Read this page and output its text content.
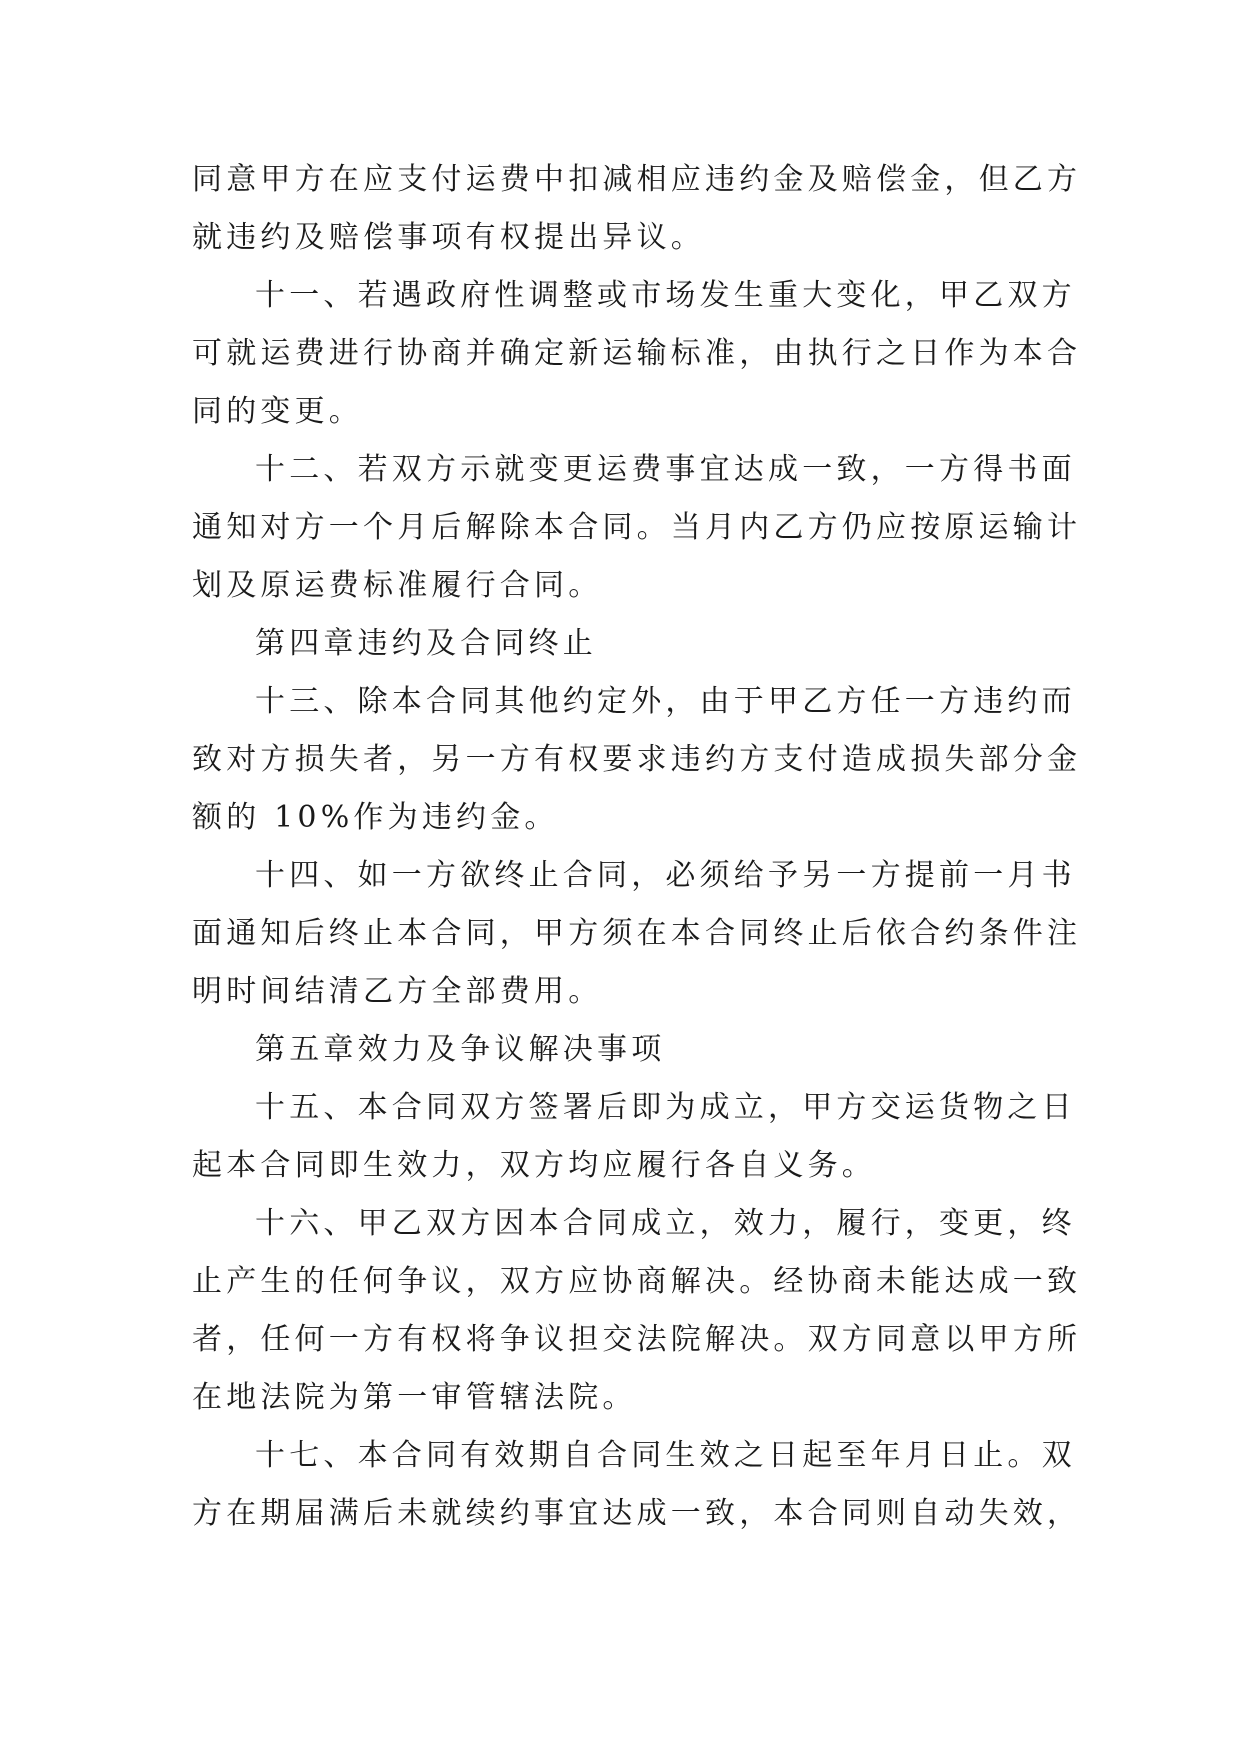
同意甲方在应支付运费中扣减相应违约金及赔偿金，但乙方
就违约及赔偿事项有权提出异议。
十一、若遇政府性调整或市场发生重大变化，甲乙双方
可就运费进行协商并确定新运输标准，由执行之日作为本合
同的变更。
十二、若双方示就变更运费事宜达成一致，一方得书面
通知对方一个月后解除本合同。当月内乙方仍应按原运输计
划及原运费标准履行合同。
第四章违约及合同终止
十三、除本合同其他约定外，由于甲乙方任一方违约而
致对方损失者，另一方有权要求违约方支付造成损失部分金
额的 10%作为违约金。
十四、如一方欲终止合同，必须给予另一方提前一月书
面通知后终止本合同，甲方须在本合同终止后依合约条件注
明时间结清乙方全部费用。
第五章效力及争议解决事项
十五、本合同双方签署后即为成立，甲方交运货物之日
起本合同即生效力，双方均应履行各自义务。
十六、甲乙双方因本合同成立，效力，履行，变更，终
止产生的任何争议，双方应协商解决。经协商未能达成一致
者，任何一方有权将争议担交法院解决。双方同意以甲方所
在地法院为第一审管辖法院。
十七、本合同有效期自合同生效之日起至年月日止。双
方在期届满后未就续约事宜达成一致，本合同则自动失效，
